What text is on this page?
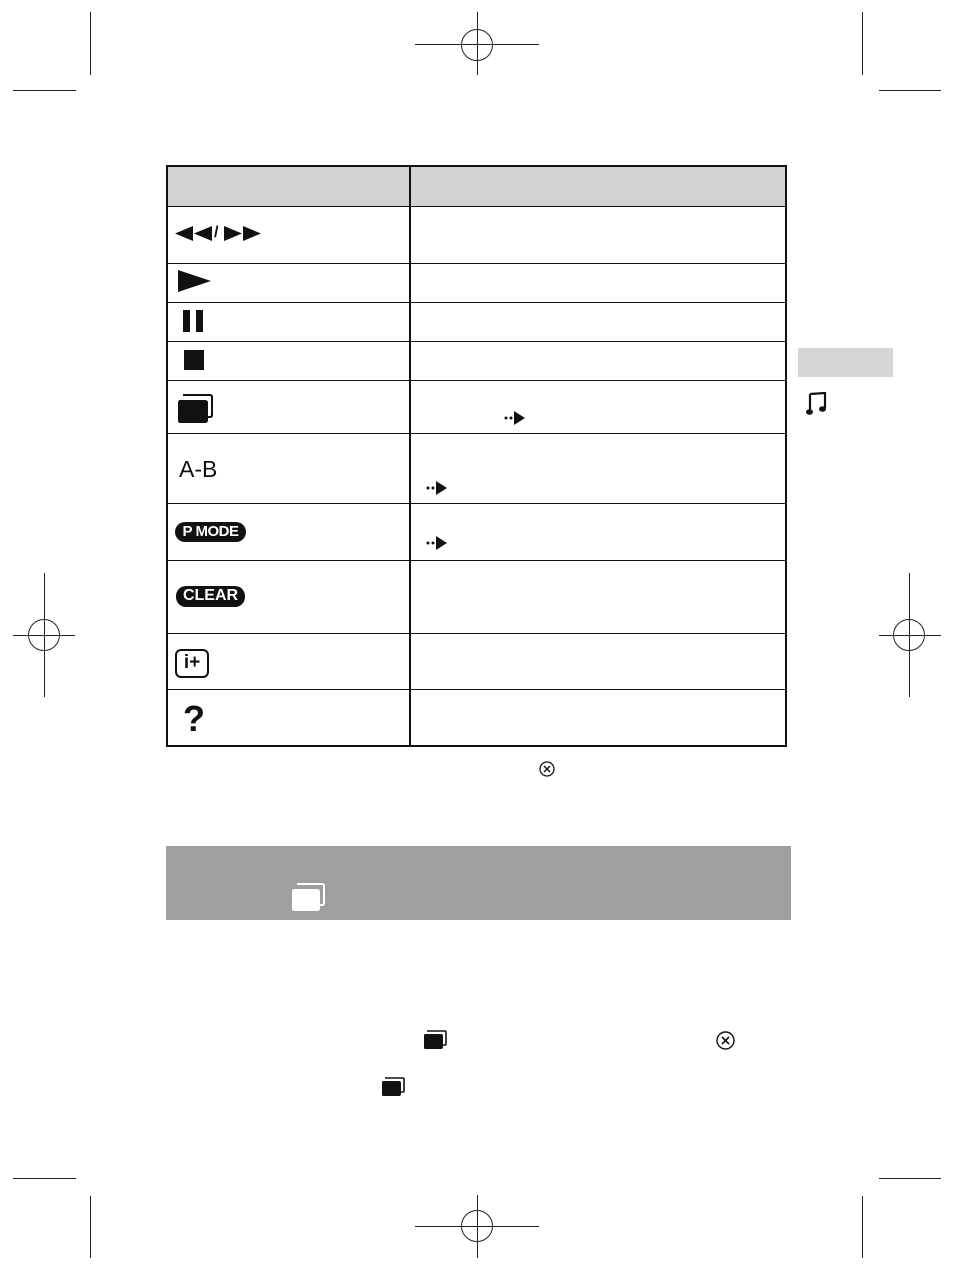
/
A-B
P MODE
CLEAR
i+
?
